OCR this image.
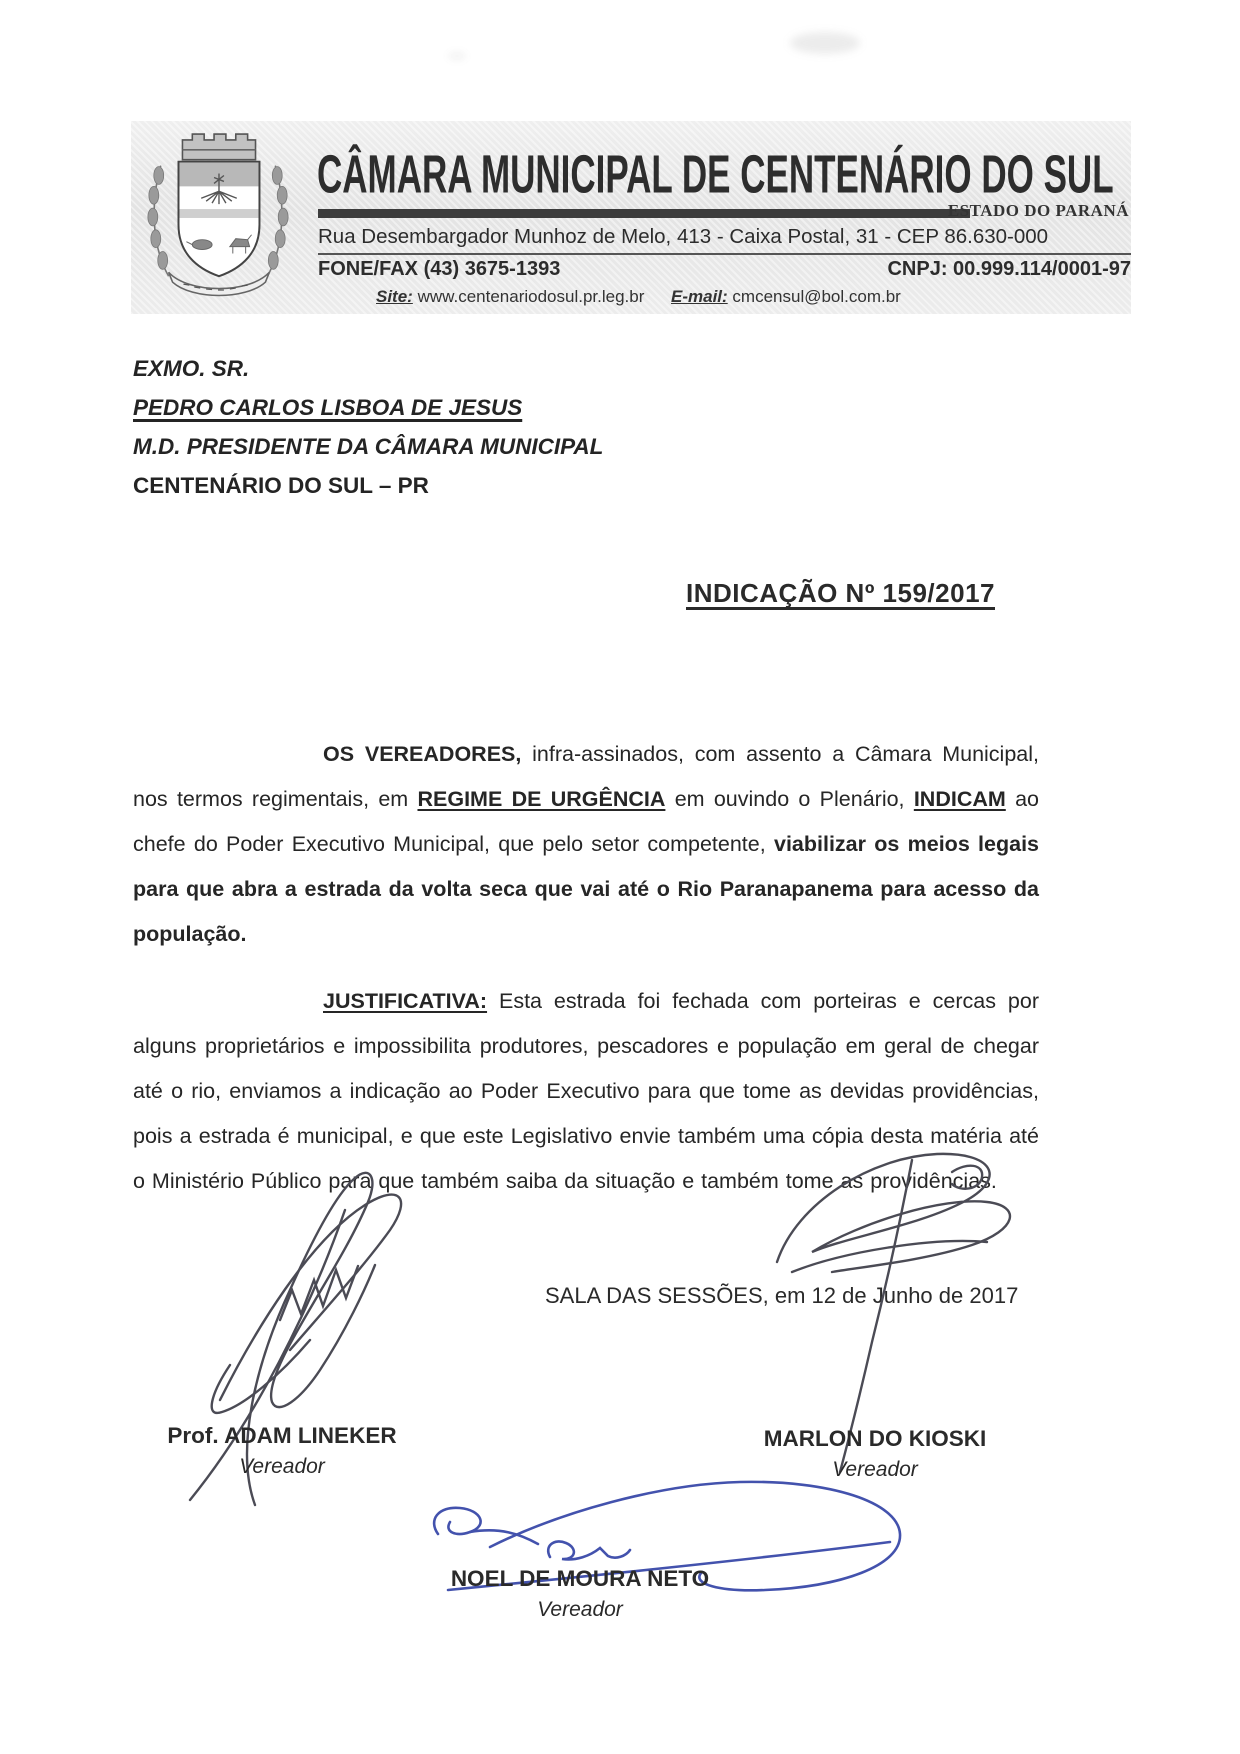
CÂMARA MUNICIPAL DE CENTENÁRIO DO SUL
ESTADO DO PARANÁ
Rua Desembargador Munhoz de Melo, 413 - Caixa Postal, 31 - CEP 86.630-000
FONE/FAX (43) 3675-1393	CNPJ: 00.999.114/0001-97
Site: www.centenariodosul.pr.leg.br E-mail: cmcensul@bol.com.br
EXMO. SR.
PEDRO CARLOS LISBOA DE JESUS
M.D. PRESIDENTE DA CÂMARA MUNICIPAL
CENTENÁRIO DO SUL – PR
INDICAÇÃO Nº 159/2017

OS VEREADORES, infra-assinados, com assento a Câmara Municipal, nos termos regimentais, em REGIME DE URGÊNCIA em ouvindo o Plenário, INDICAM ao chefe do Poder Executivo Municipal, que pelo setor competente, viabilizar os meios legais para que abra a estrada da volta seca que vai até o Rio Paranapanema para acesso da população.

JUSTIFICATIVA: Esta estrada foi fechada com porteiras e cercas por alguns proprietários e impossibilita produtores, pescadores e população em geral de chegar até o rio, enviamos a indicação ao Poder Executivo para que tome as devidas providências, pois a estrada é municipal, e que este Legislativo envie também uma cópia desta matéria até o Ministério Público para que também saiba da situação e também tome as providências.

SALA DAS SESSÕES, em 12 de Junho de 2017
Prof. ADAM LINEKER
Vereador
MARLON DO KIOSKI
Vereador
NOEL DE MOURA NETO
Vereador
